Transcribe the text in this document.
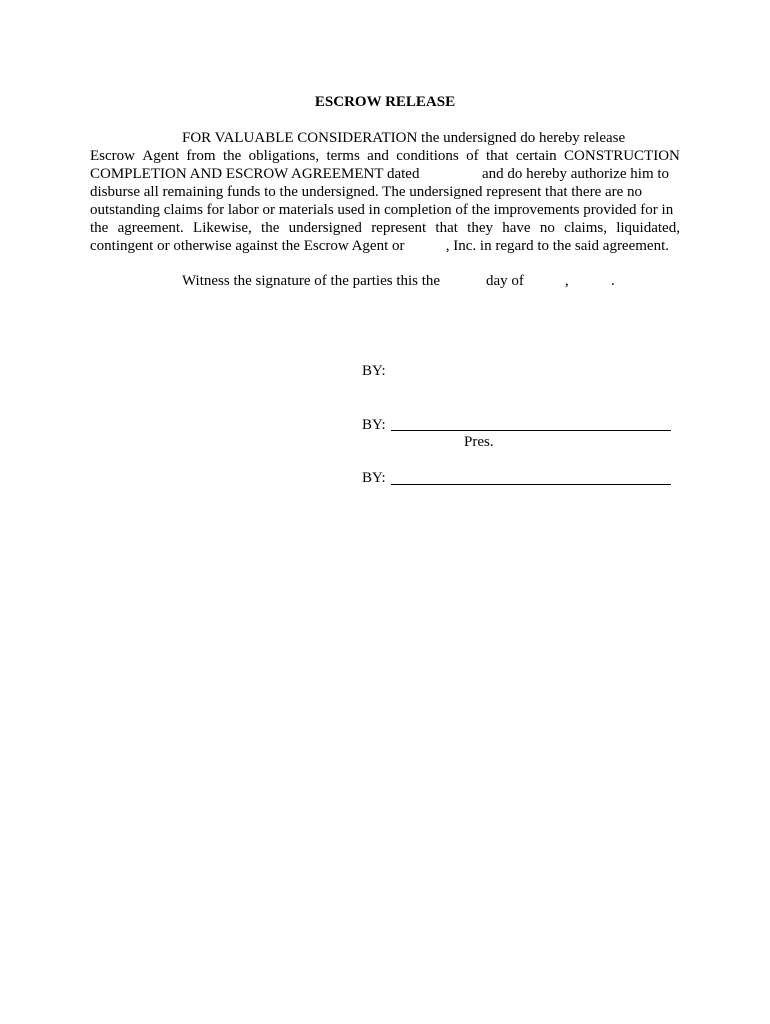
ESCROW RELEASE
FOR VALUABLE CONSIDERATION the undersigned do hereby release
Escrow Agent from the obligations, terms and conditions of that certain CONSTRUCTION
COMPLETION AND ESCROW AGREEMENT dated	and do hereby authorize him to
disburse all remaining funds to the undersigned. The undersigned represent that there are no
outstanding claims for labor or materials used in completion of the improvements provided for in
the agreement. Likewise, the undersigned represent that they have no claims, liquidated,
contingent or otherwise against the Escrow Agent or           , Inc. in regard to the said agreement.
Witness the signature of the parties this the	day of	,	.
BY:
BY:
Pres.
BY:
